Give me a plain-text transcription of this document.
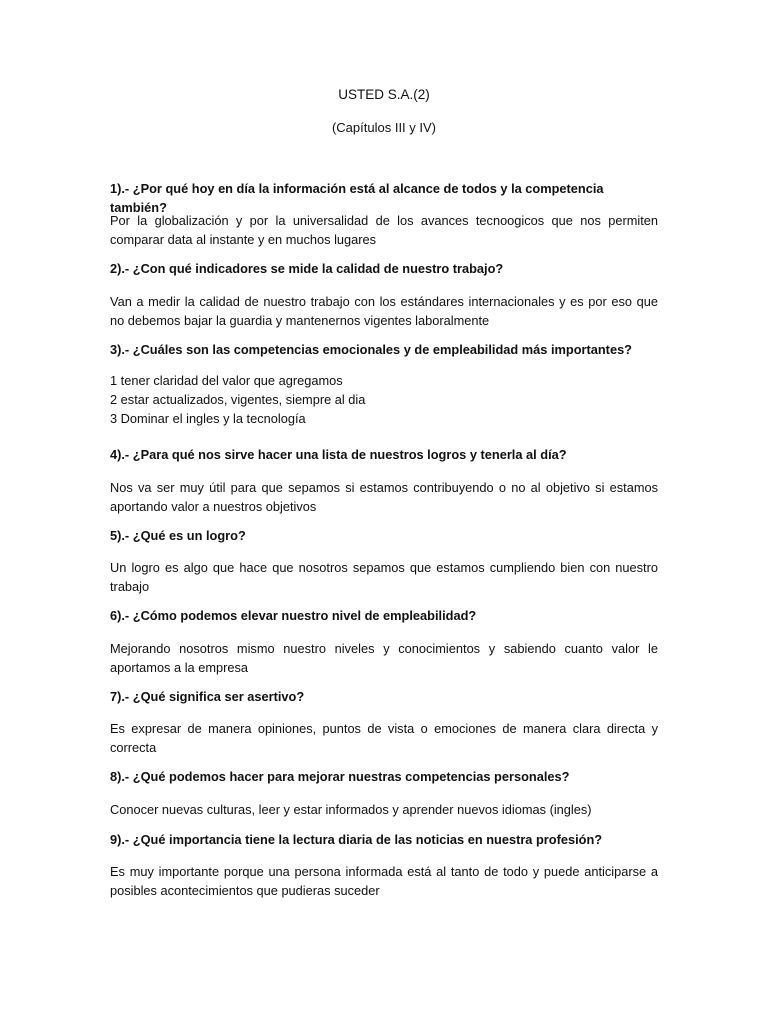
USTED S.A.(2)
(Capítulos III y IV)
1).- ¿Por qué hoy en día la información está al alcance de todos y la competencia también?
Por la globalización y por la universalidad de los avances tecnoogicos que nos permiten comparar data al instante y en muchos lugares
2).- ¿Con qué indicadores se mide la calidad de nuestro trabajo?
Van a medir la calidad de nuestro trabajo con los estándares internacionales y es por eso que no debemos bajar la guardia y mantenernos vigentes laboralmente
3).- ¿Cuáles son las competencias emocionales y de empleabilidad más importantes?
1 tener claridad del valor que agregamos
2 estar actualizados, vigentes, siempre al dia
3 Dominar el ingles y la tecnología
4).- ¿Para qué nos sirve hacer una lista de nuestros logros y tenerla al día?
Nos va ser muy útil para que sepamos si estamos contribuyendo o no al objetivo si estamos aportando valor a nuestros objetivos
5).- ¿Qué es un logro?
Un logro es algo que hace que nosotros sepamos que estamos cumpliendo bien con nuestro trabajo
6).- ¿Cómo podemos elevar nuestro nivel de empleabilidad?
Mejorando nosotros mismo nuestro niveles y conocimientos y sabiendo cuanto valor le aportamos a la empresa
7).- ¿Qué significa ser asertivo?
Es expresar de manera opiniones, puntos de vista o emociones de manera clara directa y correcta
8).- ¿Qué podemos hacer para mejorar nuestras competencias personales?
Conocer nuevas culturas, leer y estar informados y aprender nuevos idiomas (ingles)
9).- ¿Qué importancia tiene la lectura diaria de las noticias en nuestra profesión?
Es muy importante porque una persona informada está al tanto de todo y puede anticiparse a posibles acontecimientos que pudieras suceder
